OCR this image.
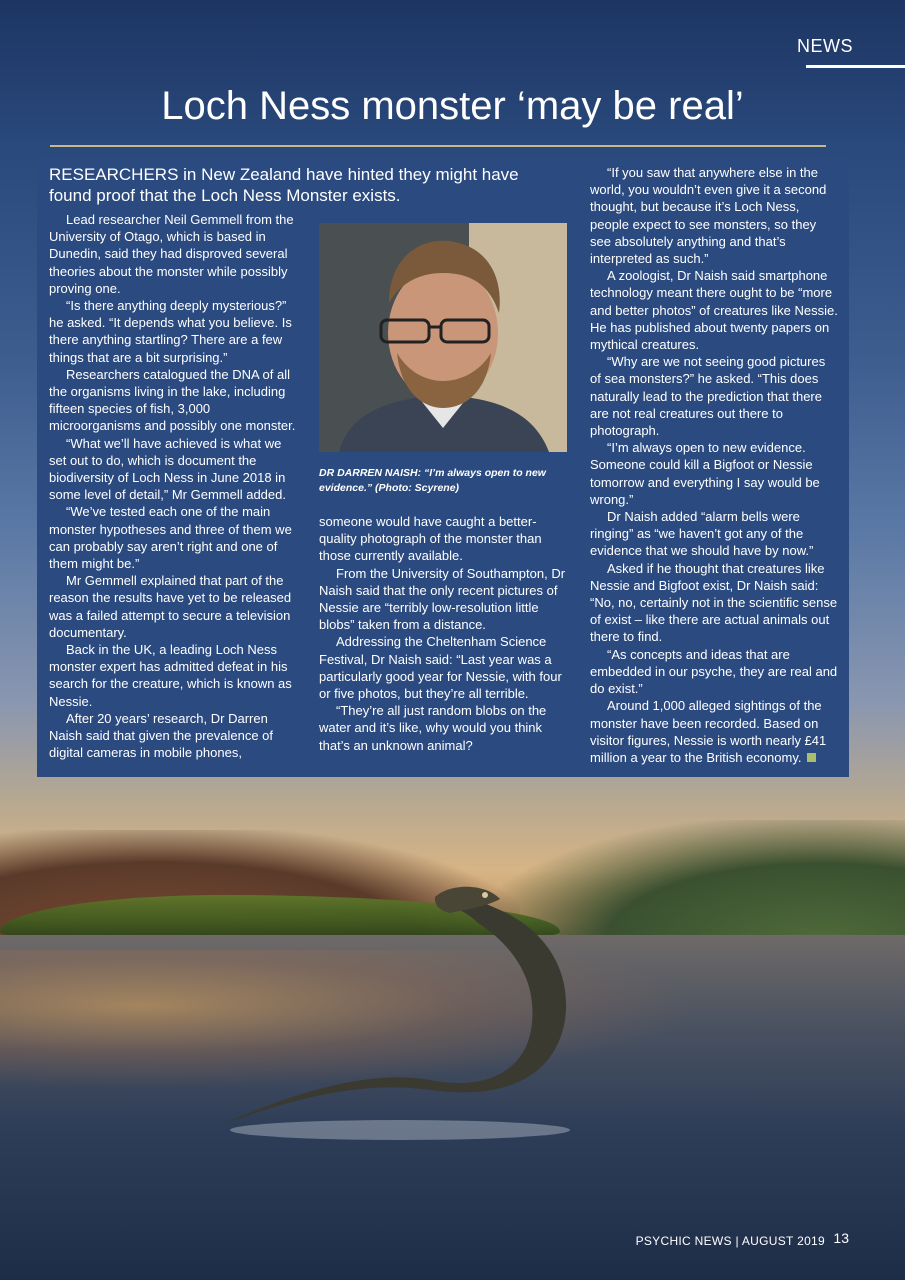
NEWS
Loch Ness monster ‘may be real’
RESEARCHERS in New Zealand have hinted they might have found proof that the Loch Ness Monster exists.

Lead researcher Neil Gemmell from the University of Otago, which is based in Dunedin, said they had disproved several theories about the monster while possibly proving one.

“Is there anything deeply mysterious?” he asked. “It depends what you believe. Is there anything startling? There are a few things that are a bit surprising.”

Researchers catalogued the DNA of all the organisms living in the lake, including fifteen species of fish, 3,000 microorganisms and possibly one monster.

“What we’ll have achieved is what we set out to do, which is document the biodiversity of Loch Ness in June 2018 in some level of detail,” Mr Gemmell added.

“We’ve tested each one of the main monster hypotheses and three of them we can probably say aren’t right and one of them might be.”

Mr Gemmell explained that part of the reason the results have yet to be released was a failed attempt to secure a television documentary.

Back in the UK, a leading Loch Ness monster expert has admitted defeat in his search for the creature, which is known as Nessie.

After 20 years’ research, Dr Darren Naish said that given the prevalence of digital cameras in mobile phones,

DR DARREN NAISH: “I’m always open to new evidence.” (Photo: Scyrene)

someone would have caught a better-quality photograph of the monster than those currently available.

From the University of Southampton, Dr Naish said that the only recent pictures of Nessie are “terribly low-resolution little blobs” taken from a distance.

Addressing the Cheltenham Science Festival, Dr Naish said: “Last year was a particularly good year for Nessie, with four or five photos, but they’re all terrible.

“They’re all just random blobs on the water and it’s like, why would you think that’s an unknown animal?

“If you saw that anywhere else in the world, you wouldn’t even give it a second thought, but because it’s Loch Ness, people expect to see monsters, so they see absolutely anything and that’s interpreted as such.”

A zoologist, Dr Naish said smartphone technology meant there ought to be “more and better photos” of creatures like Nessie. He has published about twenty papers on mythical creatures.

“Why are we not seeing good pictures of sea monsters?” he asked. “This does naturally lead to the prediction that there are not real creatures out there to photograph.

“I’m always open to new evidence. Someone could kill a Bigfoot or Nessie tomorrow and everything I say would be wrong.”

Dr Naish added “alarm bells were ringing” as “we haven’t got any of the evidence that we should have by now.”

Asked if he thought that creatures like Nessie and Bigfoot exist, Dr Naish said: “No, no, certainly not in the scientific sense of exist – like there are actual animals out there to find.

“As concepts and ideas that are embedded in our psyche, they are real and do exist.”

Around 1,000 alleged sightings of the monster have been recorded. Based on visitor figures, Nessie is worth nearly £41 million a year to the British economy.

PSYCHIC NEWS | AUGUST 2019 13
